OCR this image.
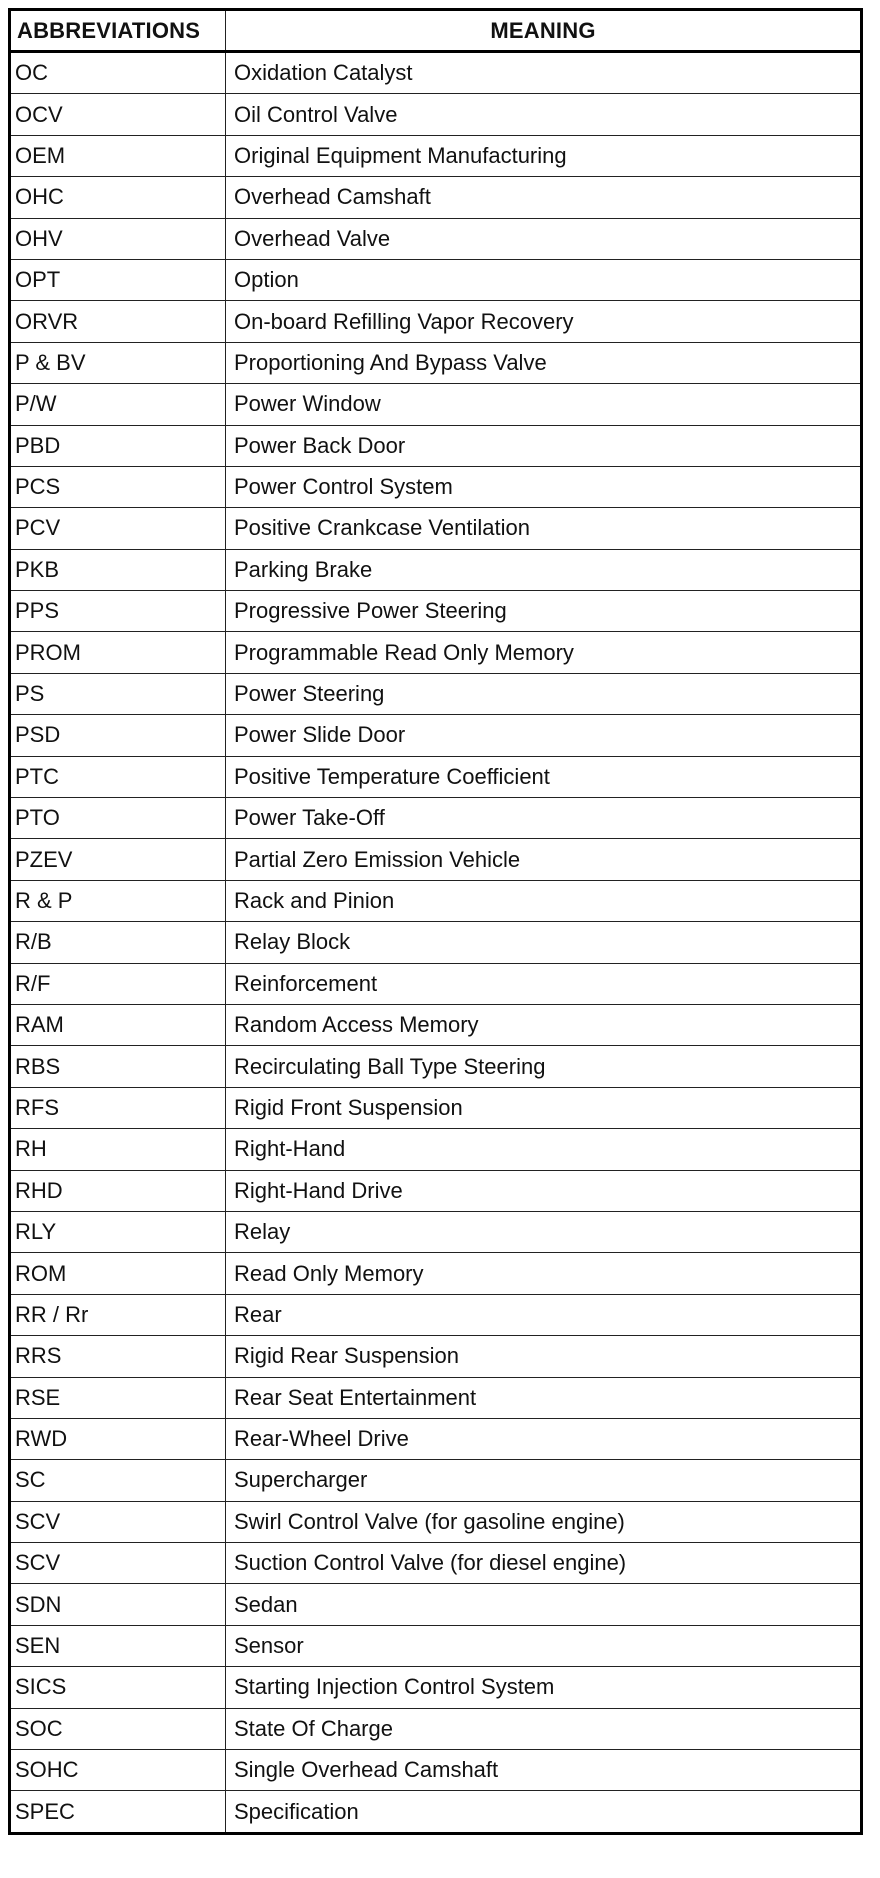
ABBREVIATIONS	MEANING
OC	Oxidation Catalyst
OCV	Oil Control Valve
OEM	Original Equipment Manufacturing
OHC	Overhead Camshaft
OHV	Overhead Valve
OPT	Option
ORVR	On-board Refilling Vapor Recovery
P & BV	Proportioning And Bypass Valve
P/W	Power Window
PBD	Power Back Door
PCS	Power Control System
PCV	Positive Crankcase Ventilation
PKB	Parking Brake
PPS	Progressive Power Steering
PROM	Programmable Read Only Memory
PS	Power Steering
PSD	Power Slide Door
PTC	Positive Temperature Coefficient
PTO	Power Take-Off
PZEV	Partial Zero Emission Vehicle
R & P	Rack and Pinion
R/B	Relay Block
R/F	Reinforcement
RAM	Random Access Memory
RBS	Recirculating Ball Type Steering
RFS	Rigid Front Suspension
RH	Right-Hand
RHD	Right-Hand Drive
RLY	Relay
ROM	Read Only Memory
RR / Rr	Rear
RRS	Rigid Rear Suspension
RSE	Rear Seat Entertainment
RWD	Rear-Wheel Drive
SC	Supercharger
SCV	Swirl Control Valve (for gasoline engine)
SCV	Suction Control Valve (for diesel engine)
SDN	Sedan
SEN	Sensor
SICS	Starting Injection Control System
SOC	State Of Charge
SOHC	Single Overhead Camshaft
SPEC	Specification
